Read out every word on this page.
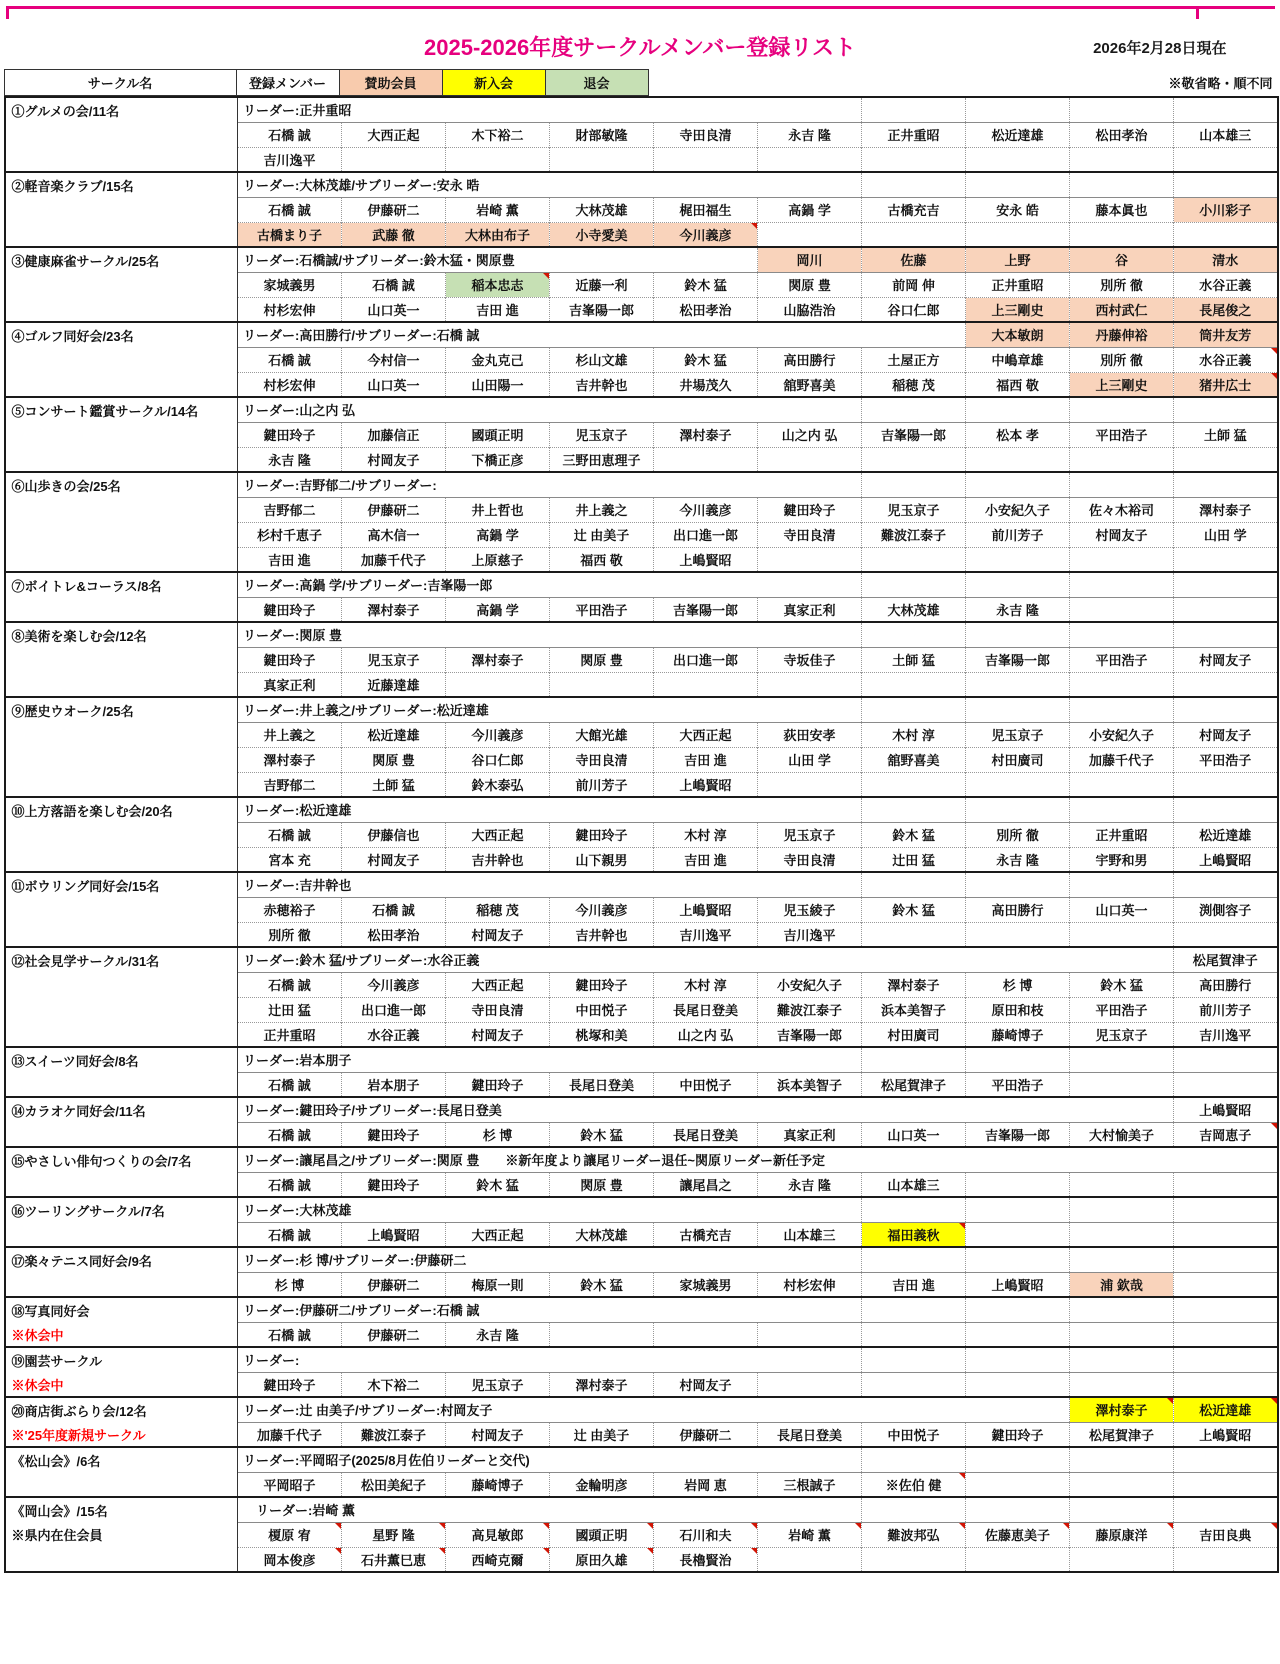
2025-2026年度サークルメンバー登録リスト	2026年2月28日現在
サークル名	登録メンバー	賛助会員	新入会	退会	※敬省略・順不同
①グルメの会/11名	リーダー:正井重昭									
	石橋 誠	大西正起	木下裕二	財部敏隆	寺田良清	永吉 隆	正井重昭	松近達雄	松田孝治	山本雄三
	吉川逸平									
②軽音楽クラブ/15名	リーダー:大林茂雄/サブリーダー:安永 晧									
	石橋 誠	伊藤研二	岩崎 薫	大林茂雄	梶田福生	高鍋 学	古橋充吉	安永 皓	藤本眞也	小川彩子
	古橋まり子	武藤 徹	大林由布子	小寺愛美	今川義彦					
③健康麻雀サークル/25名	リーダー:石橋誠/サブリーダー:鈴木猛・関原豊					岡川	佐藤	上野	谷	清水
	家城義男	石橋 誠	稲本忠志	近藤一利	鈴木 猛	関原 豊	前岡 伸	正井重昭	別所 徹	水谷正義
	村杉宏伸	山口英一	吉田 進	吉峯陽一郎	松田孝治	山脇浩治	谷口仁郎	上三剛史	西村武仁	長尾俊之
④ゴルフ同好会/23名	リーダー:高田勝行/サブリーダー:石橋 誠							大本敏朗	丹藤伸裕	筒井友芳
	石橋 誠	今村信一	金丸克己	杉山文雄	鈴木 猛	高田勝行	土屋正方	中嶋章雄	別所 徹	水谷正義
	村杉宏伸	山口英一	山田陽一	吉井幹也	井場茂久	舘野喜美	稲穂 茂	福西 敬	上三剛史	猪井広士
⑤コンサート鑑賞サークル/14名	リーダー:山之内 弘									
	鍵田玲子	加藤信正	國頭正明	児玉京子	澤村泰子	山之内 弘	吉峯陽一郎	松本 孝	平田浩子	土師 猛
	永吉 隆	村岡友子	下橋正彦	三野田恵理子						
⑥山歩きの会/25名	リーダー:吉野郁二/サブリーダー:									
	吉野郁二	伊藤研二	井上哲也	井上義之	今川義彦	鍵田玲子	児玉京子	小安紀久子	佐々木裕司	澤村泰子
	杉村千恵子	高木信一	高鍋 学	辻 由美子	出口進一郎	寺田良清	難波江泰子	前川芳子	村岡友子	山田 学
	吉田 進	加藤千代子	上原慈子	福西 敬	上嶋賢昭					
⑦ボイトレ&コーラス/8名	リーダー:高鍋 学/サブリーダー:吉峯陽一郎									
	鍵田玲子	澤村泰子	高鍋 学	平田浩子	吉峯陽一郎	真家正利	大林茂雄	永吉 隆		
⑧美術を楽しむ会/12名	リーダー:関原 豊									
	鍵田玲子	児玉京子	澤村泰子	関原 豊	出口進一郎	寺坂佳子	土師 猛	吉峯陽一郎	平田浩子	村岡友子
	真家正利	近藤達雄								
⑨歴史ウオーク/25名	リーダー:井上義之/サブリーダー:松近達雄									
	井上義之	松近達雄	今川義彦	大館光雄	大西正起	荻田安孝	木村 淳	児玉京子	小安紀久子	村岡友子
	澤村泰子	関原 豊	谷口仁郎	寺田良清	吉田 進	山田 学	舘野喜美	村田廣司	加藤千代子	平田浩子
	吉野郁二	土師 猛	鈴木泰弘	前川芳子	上嶋賢昭					
⑩上方落語を楽しむ会/20名	リーダー:松近達雄									
	石橋 誠	伊藤信也	大西正起	鍵田玲子	木村 淳	児玉京子	鈴木 猛	別所 徹	正井重昭	松近達雄
	宮本 充	村岡友子	吉井幹也	山下親男	吉田 進	寺田良清	辻田 猛	永吉 隆	宇野和男	上嶋賢昭
⑪ボウリング同好会/15名	リーダー:吉井幹也									
	赤穂裕子	石橋 誠	稲穂 茂	今川義彦	上嶋賢昭	児玉綾子	鈴木 猛	高田勝行	山口英一	渕側容子
	別所 徹	松田孝治	村岡友子	吉井幹也	吉川逸平	吉川逸平				
⑫社会見学サークル/31名	リーダー:鈴木 猛/サブリーダー:水谷正義									松尾賀津子
	石橋 誠	今川義彦	大西正起	鍵田玲子	木村 淳	小安紀久子	澤村泰子	杉 博	鈴木 猛	高田勝行
	辻田 猛	出口進一郎	寺田良清	中田悦子	長尾日登美	難波江泰子	浜本美智子	原田和枝	平田浩子	前川芳子
	正井重昭	水谷正義	村岡友子	桃塚和美	山之内 弘	吉峯陽一郎	村田廣司	藤崎博子	児玉京子	吉川逸平
⑬スイーツ同好会/8名	リーダー:岩本朋子									
	石橋 誠	岩本朋子	鍵田玲子	長尾日登美	中田悦子	浜本美智子	松尾賀津子	平田浩子		
⑭カラオケ同好会/11名	リーダー:鍵田玲子/サブリーダー:長尾日登美									上嶋賢昭
	石橋 誠	鍵田玲子	杉 博	鈴木 猛	長尾日登美	真家正利	山口英一	吉峯陽一郎	大村愉美子	吉岡恵子
⑮やさしい俳句つくりの会/7名	リーダー:讓尾昌之/サブリーダー:関原 豊　　※新年度より讓尾リーダー退任~関原リーダー新任予定									
	石橋 誠	鍵田玲子	鈴木 猛	関原 豊	讓尾昌之	永吉 隆	山本雄三			
⑯ツーリングサークル/7名	リーダー:大林茂雄									
	石橋 誠	上嶋賢昭	大西正起	大林茂雄	古橋充吉	山本雄三	福田義秋			
⑰楽々テニス同好会/9名	リーダー:杉 博/サブリーダー:伊藤研二									
	杉 博	伊藤研二	梅原一則	鈴木 猛	家城義男	村杉宏伸	吉田 進	上嶋賢昭	浦 欽哉	
⑱写真同好会	リーダー:伊藤研二/サブリーダー:石橋 誠									
※休会中	石橋 誠	伊藤研二	永吉 隆							
⑲園芸サークル	リーダー:									
※休会中	鍵田玲子	木下裕二	児玉京子	澤村泰子	村岡友子					
⑳商店街ぶらり会/12名	リーダー:辻 由美子/サブリーダー:村岡友子								澤村泰子	松近達雄
※'25年度新規サークル	加藤千代子	難波江泰子	村岡友子	辻 由美子	伊藤研二	長尾日登美	中田悦子	鍵田玲子	松尾賀津子	上嶋賢昭
《松山会》/6名	リーダー:平岡昭子(2025/8月佐伯リーダーと交代)									
	平岡昭子	松田美紀子	藤崎博子	金輪明彦	岩岡 恵	三根誠子	※佐伯 健			
《岡山会》/15名	　リーダー:岩崎 薫									
※県内在住会員	榎原 宥	星野 隆	高見敏郎	國頭正明	石川和夫	岩崎 薫	難波邦弘	佐藤恵美子	藤原康洋	吉田良典
	岡本俊彦	石井薫巳恵	西崎克爾	原田久雄	長櫓賢治					
